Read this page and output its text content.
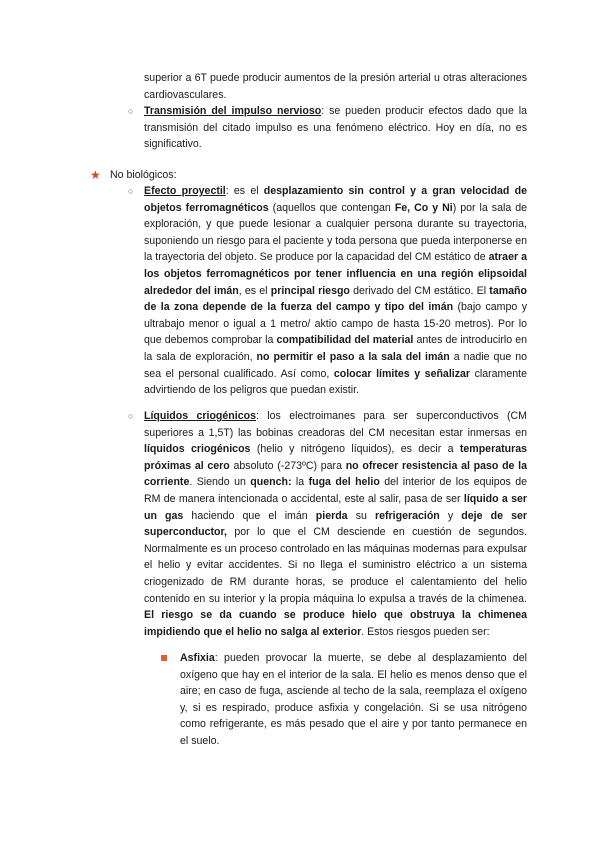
superior a 6T puede producir aumentos de la presión arterial u otras alteraciones cardiovasculares.

○ Transmisión del impulso nervioso: se pueden producir efectos dado que la transmisión del citado impulso es una fenómeno eléctrico. Hoy en día, no es significativo.

★ No biológicos:
○ Efecto proyectil: es el desplazamiento sin control y a gran velocidad de objetos ferromagnéticos (aquellos que contengan Fe, Co y Ni) por la sala de exploración, y que puede lesionar a cualquier persona durante su trayectoria, suponiendo un riesgo para el paciente y toda persona que pueda interponerse en la trayectoria del objeto. Se produce por la capacidad del CM estático de atraer a los objetos ferromagnéticos por tener influencia en una región elipsoidal alrededor del imán, es el principal riesgo derivado del CM estático. El tamaño de la zona depende de la fuerza del campo y tipo del imán (bajo campo y ultrabajo menor o igual a 1 metro/ aktio campo de hasta 15-20 metros). Por lo que debemos comprobar la compatibilidad del material antes de introducirlo en la sala de exploración, no permitir el paso a la sala del imán a nadie que no sea el personal cualificado. Así como, colocar límites y señalizar claramente advirtiendo de los peligros que puedan existir.

○ Líquidos criogénicos: los electroimanes para ser superconductivos (CM superiores a 1,5T) las bobinas creadoras del CM necesitan estar inmersas en líquidos criogénicos (helio y nitrógeno líquidos), es decir a temperaturas próximas al cero absoluto (-273ºC) para no ofrecer resistencia al paso de la corriente. Siendo un quench: la fuga del helio del interior de los equipos de RM de manera intencionada o accidental, este al salir, pasa de ser líquido a ser un gas haciendo que el imán pierda su refrigeración y deje de ser superconductor, por lo que el CM desciende en cuestión de segundos. Normalmente es un proceso controlado en las máquinas modernas para expulsar el helio y evitar accidentes. Si no llega el suministro eléctrico a un sistema criogenizado de RM durante horas, se produce el calentamiento del helio contenido en su interior y la propia máquina lo expulsa a través de la chimenea. El riesgo se da cuando se produce hielo que obstruya la chimenea impidiendo que el helio no salga al exterior. Estos riesgos pueden ser:

Asfixia: pueden provocar la muerte, se debe al desplazamiento del oxígeno que hay en el interior de la sala. El helio es menos denso que el aire; en caso de fuga, asciende al techo de la sala, reemplaza el oxígeno y, si es respirado, produce asfixia y congelación. Si se usa nitrógeno como refrigerante, es más pesado que el aire y por tanto permanece en el suelo.
